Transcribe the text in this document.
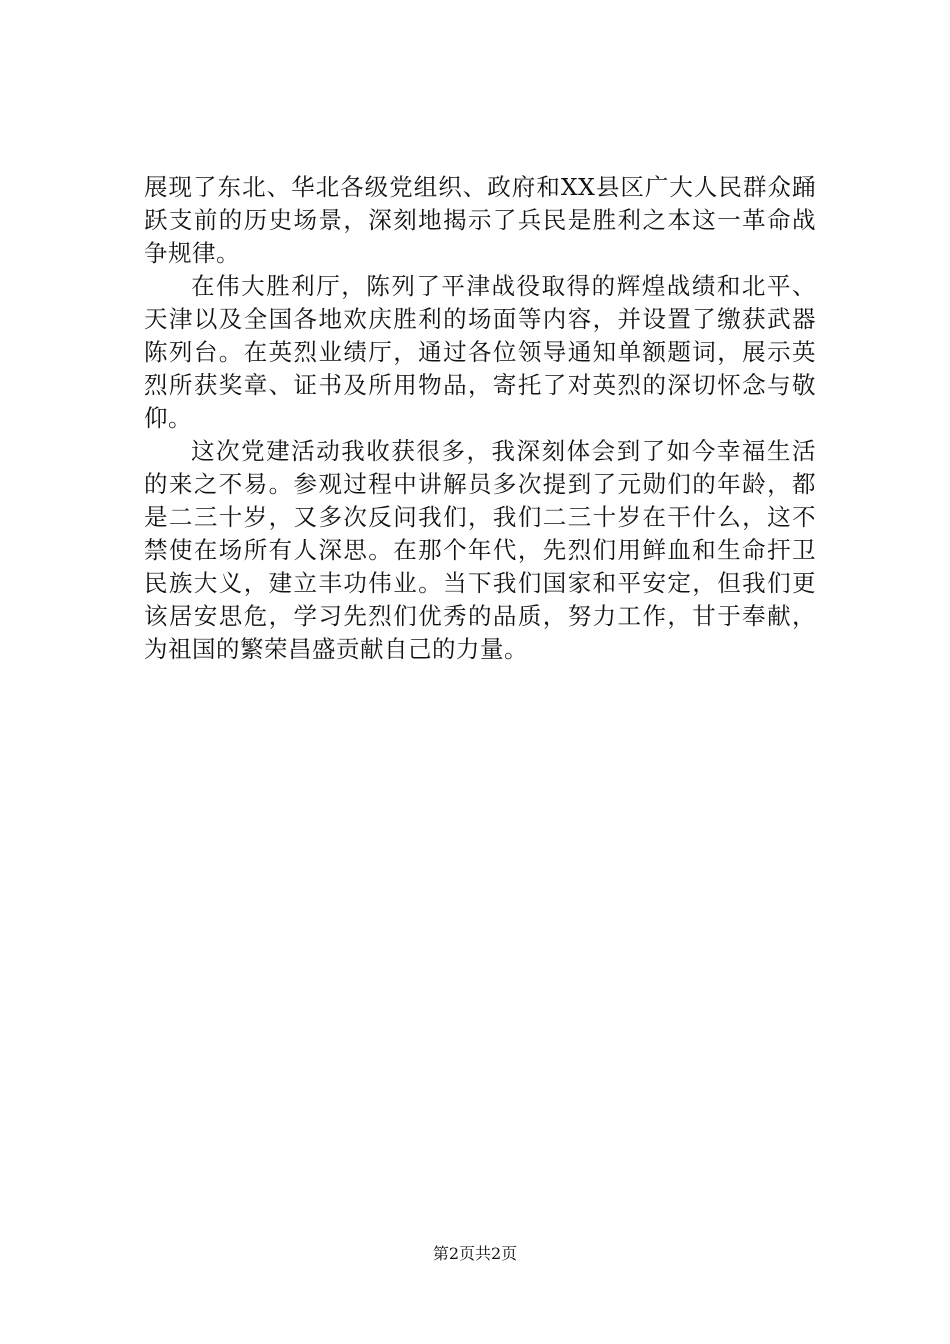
展现了东北、华北各级党组织、政府和XX县区广大人民群众踊
跃支前的历史场景，深刻地揭示了兵民是胜利之本这一革命战
争规律。
在伟大胜利厅，陈列了平津战役取得的辉煌战绩和北平、
天津以及全国各地欢庆胜利的场面等内容，并设置了缴获武器
陈列台。在英烈业绩厅，通过各位领导通知单额题词，展示英
烈所获奖章、证书及所用物品，寄托了对英烈的深切怀念与敬
仰。
这次党建活动我收获很多，我深刻体会到了如今幸福生活
的来之不易。参观过程中讲解员多次提到了元勋们的年龄，都
是二三十岁，又多次反问我们，我们二三十岁在干什么，这不
禁使在场所有人深思。在那个年代，先烈们用鲜血和生命扞卫
民族大义，建立丰功伟业。当下我们国家和平安定，但我们更
该居安思危，学习先烈们优秀的品质，努力工作，甘于奉献，
为祖国的繁荣昌盛贡献自己的力量。
第2页共2页
